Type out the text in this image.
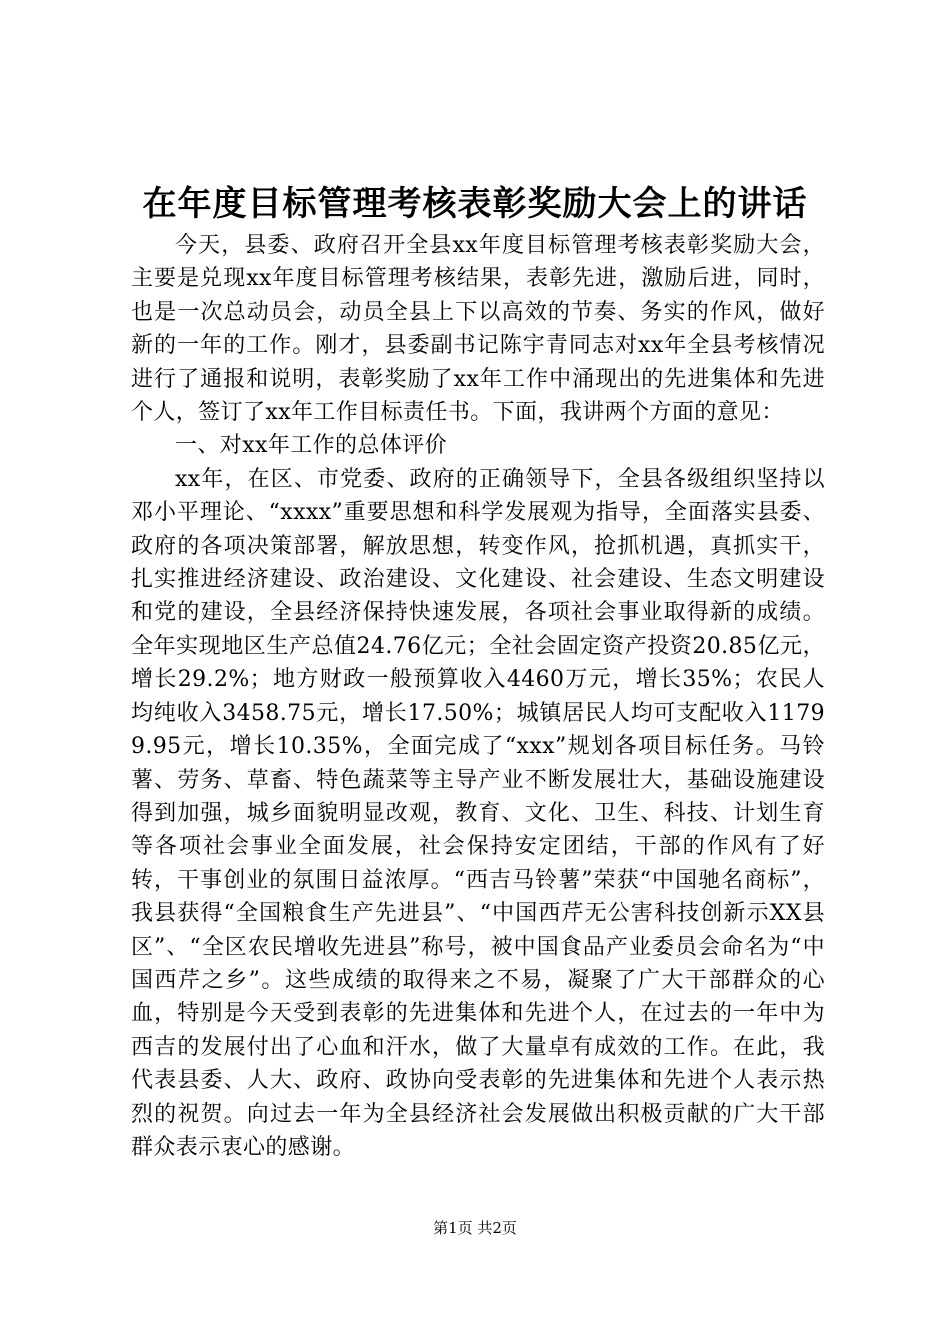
在年度目标管理考核表彰奖励大会上的讲话

今天，县委、政府召开全县xx年度目标管理考核表彰奖励大会，主要是兑现xx年度目标管理考核结果，表彰先进，激励后进，同时，也是一次总动员会，动员全县上下以高效的节奏、务实的作风，做好新的一年的工作。刚才，县委副书记陈宇青同志对xx年全县考核情况进行了通报和说明，表彰奖励了xx年工作中涌现出的先进集体和先进个人，签订了xx年工作目标责任书。下面，我讲两个方面的意见：

一、对xx年工作的总体评价

xx年，在区、市党委、政府的正确领导下，全县各级组织坚持以邓小平理论、“xxxx”重要思想和科学发展观为指导，全面落实县委、政府的各项决策部署，解放思想，转变作风，抢抓机遇，真抓实干，扎实推进经济建设、政治建设、文化建设、社会建设、生态文明建设和党的建设，全县经济保持快速发展，各项社会事业取得新的成绩。全年实现地区生产总值24.76亿元；全社会固定资产投资20.85亿元，增长29.2%；地方财政一般预算收入4460万元，增长35%；农民人均纯收入3458.75元，增长17.50%；城镇居民人均可支配收入11799.95元，增长10.35%，全面完成了“xxx”规划各项目标任务。马铃薯、劳务、草畜、特色蔬菜等主导产业不断发展壮大，基础设施建设得到加强，城乡面貌明显改观，教育、文化、卫生、科技、计划生育等各项社会事业全面发展，社会保持安定团结，干部的作风有了好转，干事创业的氛围日益浓厚。“西吉马铃薯”荣获“中国驰名商标”，我县获得“全国粮食生产先进县”、“中国西芹无公害科技创新示XX县区”、“全区农民增收先进县”称号，被中国食品产业委员会命名为“中国西芹之乡”。这些成绩的取得来之不易，凝聚了广大干部群众的心血，特别是今天受到表彰的先进集体和先进个人，在过去的一年中为西吉的发展付出了心血和汗水，做了大量卓有成效的工作。在此，我代表县委、人大、政府、政协向受表彰的先进集体和先进个人表示热烈的祝贺。向过去一年为全县经济社会发展做出积极贡献的广大干部群众表示衷心的感谢。

第1页 共2页
